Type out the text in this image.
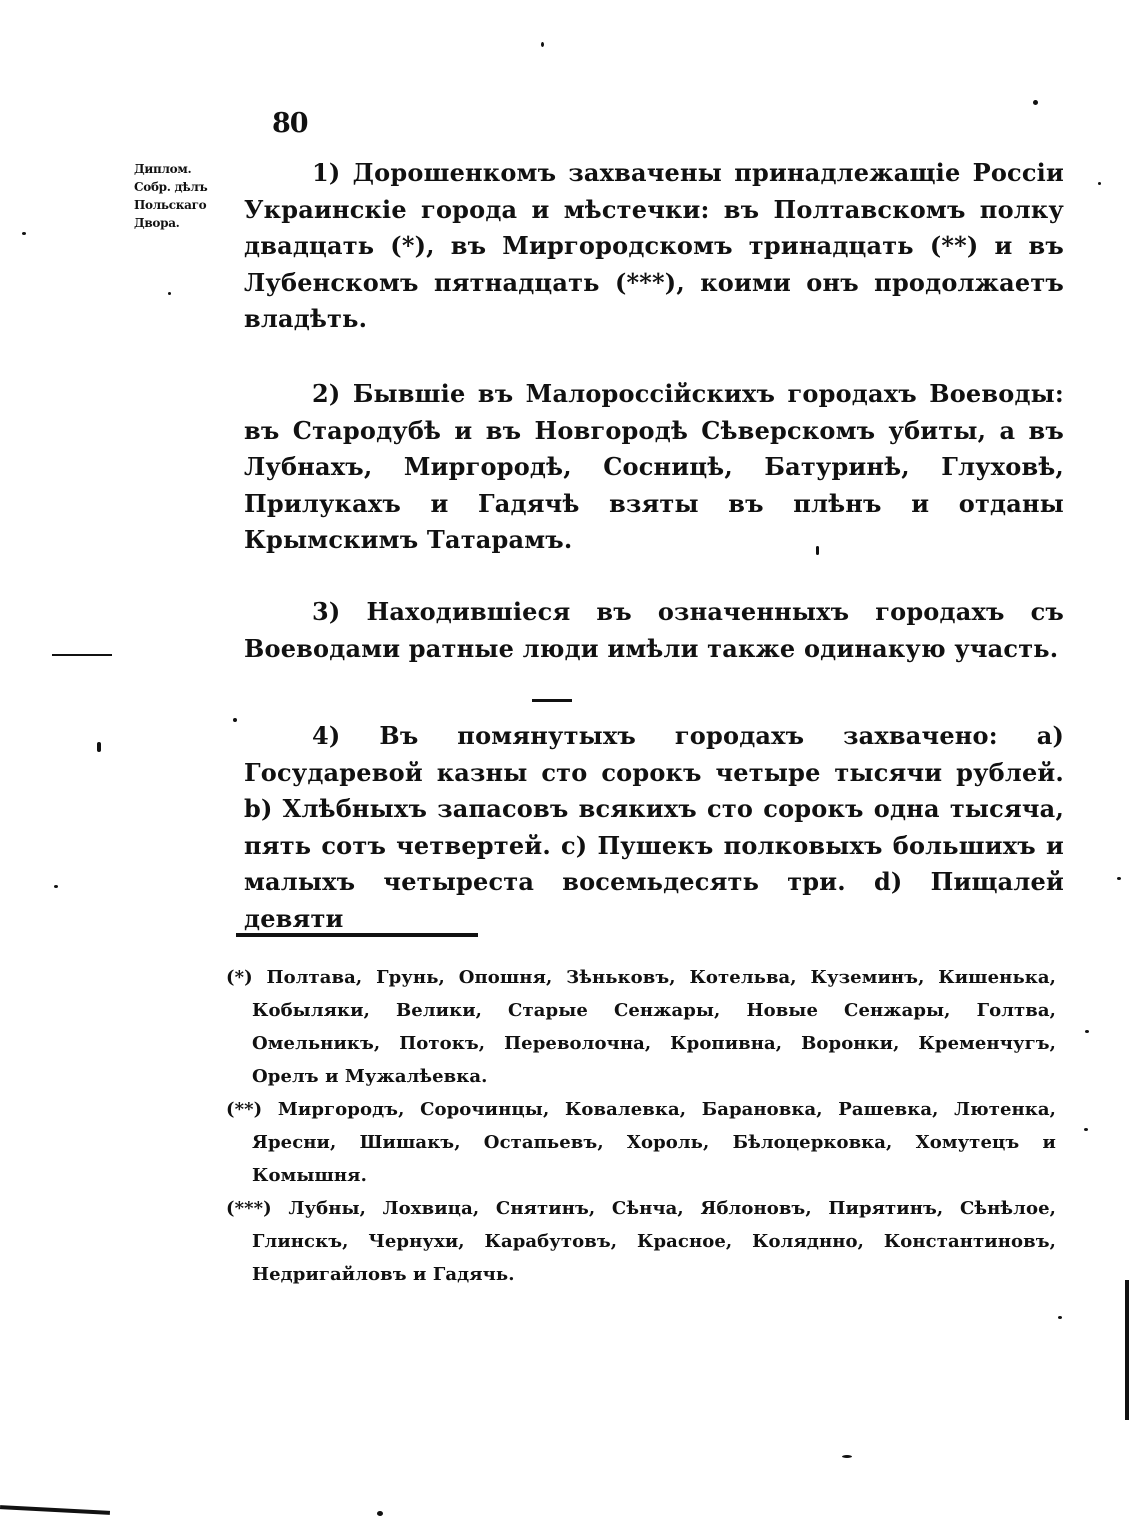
80
Диплом.
Собр. дѣлъ
Польскаго
Двора.
1) Дорошенкомъ захвачены принадлежащіе Россіи Украинскіе города и мѣстечки: въ Полтавскомъ полку двадцать (*), въ Миргородскомъ тринадцать (**) и въ Лубенскомъ пятнадцать (***), коими онъ продолжаетъ владѣть.
2) Бывшіе въ Малороссійскихъ городахъ Воеводы: въ Стародубѣ и въ Новгородѣ Сѣверскомъ убиты, а въ Лубнахъ, Миргородѣ, Сосницѣ, Батуринѣ, Глуховѣ, Прилукахъ и Гадячѣ взяты въ плѣнъ и отданы Крымскимъ Татарамъ.
3) Находившіеся въ означенныхъ городахъ съ Воеводами ратные люди имѣли также одинакую участь.
4) Въ помянутыхъ городахъ захвачено: a) Государевой казны сто сорокъ четыре тысячи рублей. b) Хлѣбныхъ запасовъ всякихъ сто сорокъ одна тысяча, пять сотъ четвертей. c) Пушекъ полковыхъ большихъ и малыхъ четыреста восемьдесять три. d) Пищалей девяти
(*) Полтава, Грунь, Опошня, Зѣньковъ, Котельва, Куземинъ, Кишенька, Кобыляки, Велики, Старые Сенжары, Новые Сенжары, Голтва, Омельникъ, Потокъ, Переволочна, Кропивна, Воронки, Кременчугъ, Орелъ и Мужалѣевка.
(**) Миргородъ, Сорочинцы, Ковалевка, Барановка, Рашевка, Лютенка, Яресни, Шишакъ, Остапьевъ, Хороль, Бѣлоцерковка, Хомутецъ и Комышня.
(***) Лубны, Лохвица, Снятинъ, Сѣнча, Яблоновъ, Пирятинъ, Сѣнѣлое, Глинскъ, Чернухи, Карабутовъ, Красное, Коляднно, Константиновъ, Недригайловъ и Гадячь.
